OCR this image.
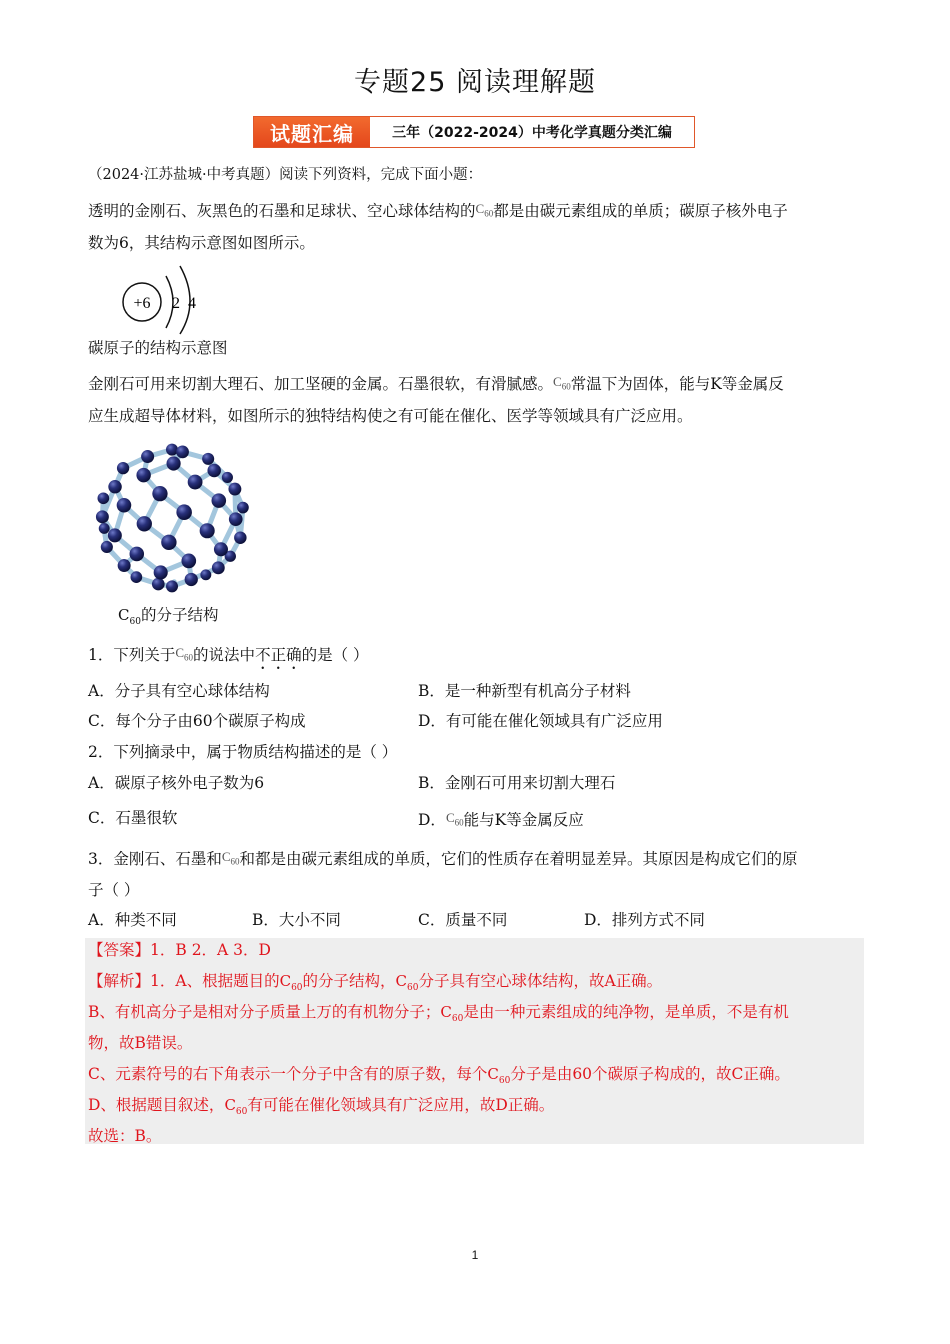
专题25 阅读理解题
试题汇编	三年（2022-2024）中考化学真题分类汇编
（2024·江苏盐城·中考真题）阅读下列资料，完成下面小题：
透明的金刚石、灰黑色的石墨和足球状、空心球体结构的$C_{60}$都是由碳元素组成的单质；碳原子核外电子
数为6，其结构示意图如图所示。
+6 2 4
碳原子的结构示意图
金刚石可用来切割大理石、加工坚硬的金属。石墨很软，有滑腻感。$C_{60}$常温下为固体，能与K等金属反
应生成超导体材料，如图所示的独特结构使之有可能在催化、医学等领域具有广泛应用。
$C_{60}$的分子结构
1．下列关于$C_{60}$的说法中不正确的是（ ）
A．分子具有空心球体结构	B．是一种新型有机高分子材料
C．每个分子由60个碳原子构成	D．有可能在催化领域具有广泛应用
2．下列摘录中，属于物质结构描述的是（ ）
A．碳原子核外电子数为6	B．金刚石可用来切割大理石
C．石墨很软	D．$C_{60}$能与K等金属反应
3．金刚石、石墨和$C_{60}$和都是由碳元素组成的单质，它们的性质存在着明显差异。其原因是构成它们的原
子（ ）
A．种类不同	B．大小不同	C．质量不同	D．排列方式不同
【答案】1．B 2．A 3．D
【解析】1．A、根据题目的$C_{60}$的分子结构，$C_{60}$分子具有空心球体结构，故A正确。
B、有机高分子是相对分子质量上万的有机物分子；$C_{60}$是由一种元素组成的纯净物，是单质，不是有机
物，故B错误。
C、元素符号的右下角表示一个分子中含有的原子数，每个$C_{60}$分子是由60个碳原子构成的，故C正确。
D、根据题目叙述，$C_{60}$有可能在催化领域具有广泛应用，故D正确。
故选：B。
1
